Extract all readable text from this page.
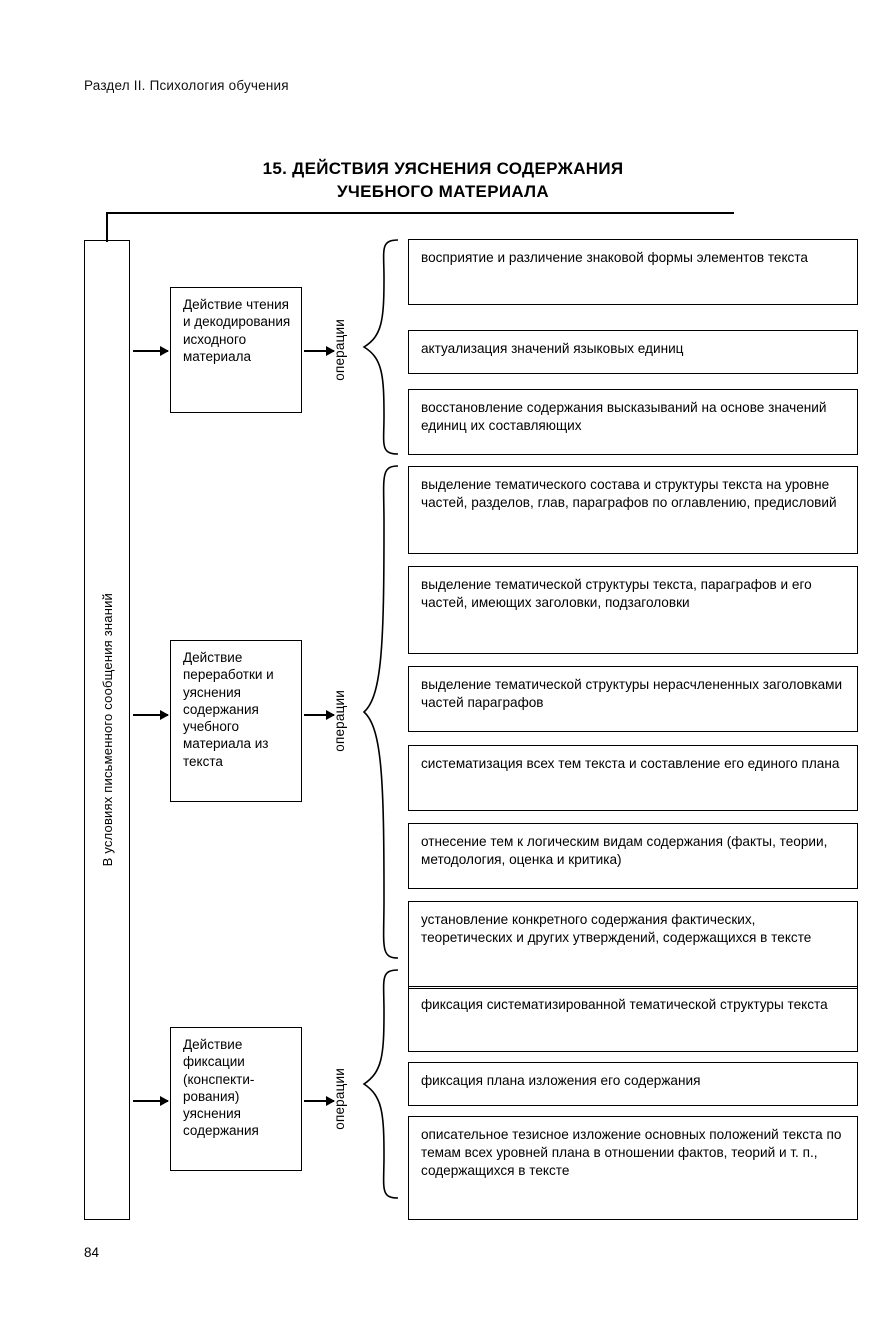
Раздел II. Психология обучения
15. ДЕЙСТВИЯ УЯСНЕНИЯ СОДЕРЖАНИЯ
УЧЕБНОГО МАТЕРИАЛА
В условиях письменного сообщения знаний
Действие чтения и декодирования исходного материала	операции
восприятие и различение знаковой формы элементов текста
актуализация значений языковых единиц
восстановление содержания высказываний на основе значений единиц их составляющих
Действие переработки и уяснения содержания учебного материала из текста
операции
выделение тематического состава и структуры текста на уровне частей, разделов, глав, параграфов по оглавлению, предисловий
выделение тематической структуры текста, параграфов и его частей, имеющих заголовки, подзаголовки
выделение тематической структуры нерасчлененных заголовками частей параграфов
систематизация всех тем текста и составление его единого плана
отнесение тем к логическим видам содержания (факты, теории, методология, оценка и критика)
установление конкретного содержания фактических, теоретических и других утверждений, содержащихся в тексте
Действие фиксации (конспектирования) уяснения содержания
операции
фиксация систематизированной тематической структуры текста
фиксация плана изложения его содержания
описательное тезисное изложение основных положений текста по темам всех уровней плана в отношении фактов, теорий и т. п., содержащихся в тексте
84
